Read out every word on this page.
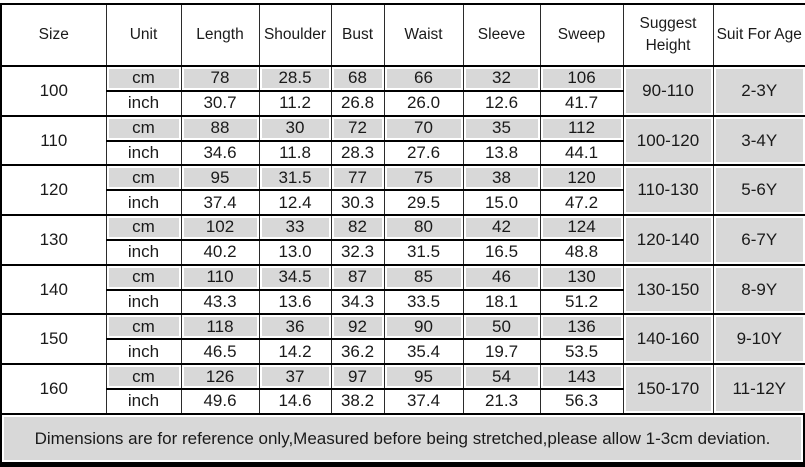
Size	Unit	Length	Shoulder	Bust	Waist	Sleeve	Sweep	Suggest Height	Suit For Age
100	cm	78	28.5	68	66	32	106	90-110	2-3Y
	inch	30.7	11.2	26.8	26.0	12.6	41.7		
110	cm	88	30	72	70	35	112	100-120	3-4Y
	inch	34.6	11.8	28.3	27.6	13.8	44.1		
120	cm	95	31.5	77	75	38	120	110-130	5-6Y
	inch	37.4	12.4	30.3	29.5	15.0	47.2		
130	cm	102	33	82	80	42	124	120-140	6-7Y
	inch	40.2	13.0	32.3	31.5	16.5	48.8		
140	cm	110	34.5	87	85	46	130	130-150	8-9Y
	inch	43.3	13.6	34.3	33.5	18.1	51.2		
150	cm	118	36	92	90	50	136	140-160	9-10Y
	inch	46.5	14.2	36.2	35.4	19.7	53.5		
160	cm	126	37	97	95	54	143	150-170	11-12Y
	inch	49.6	14.6	38.2	37.4	21.3	56.3		
Dimensions are for reference only,Measured before being stretched,please allow 1-3cm deviation.
